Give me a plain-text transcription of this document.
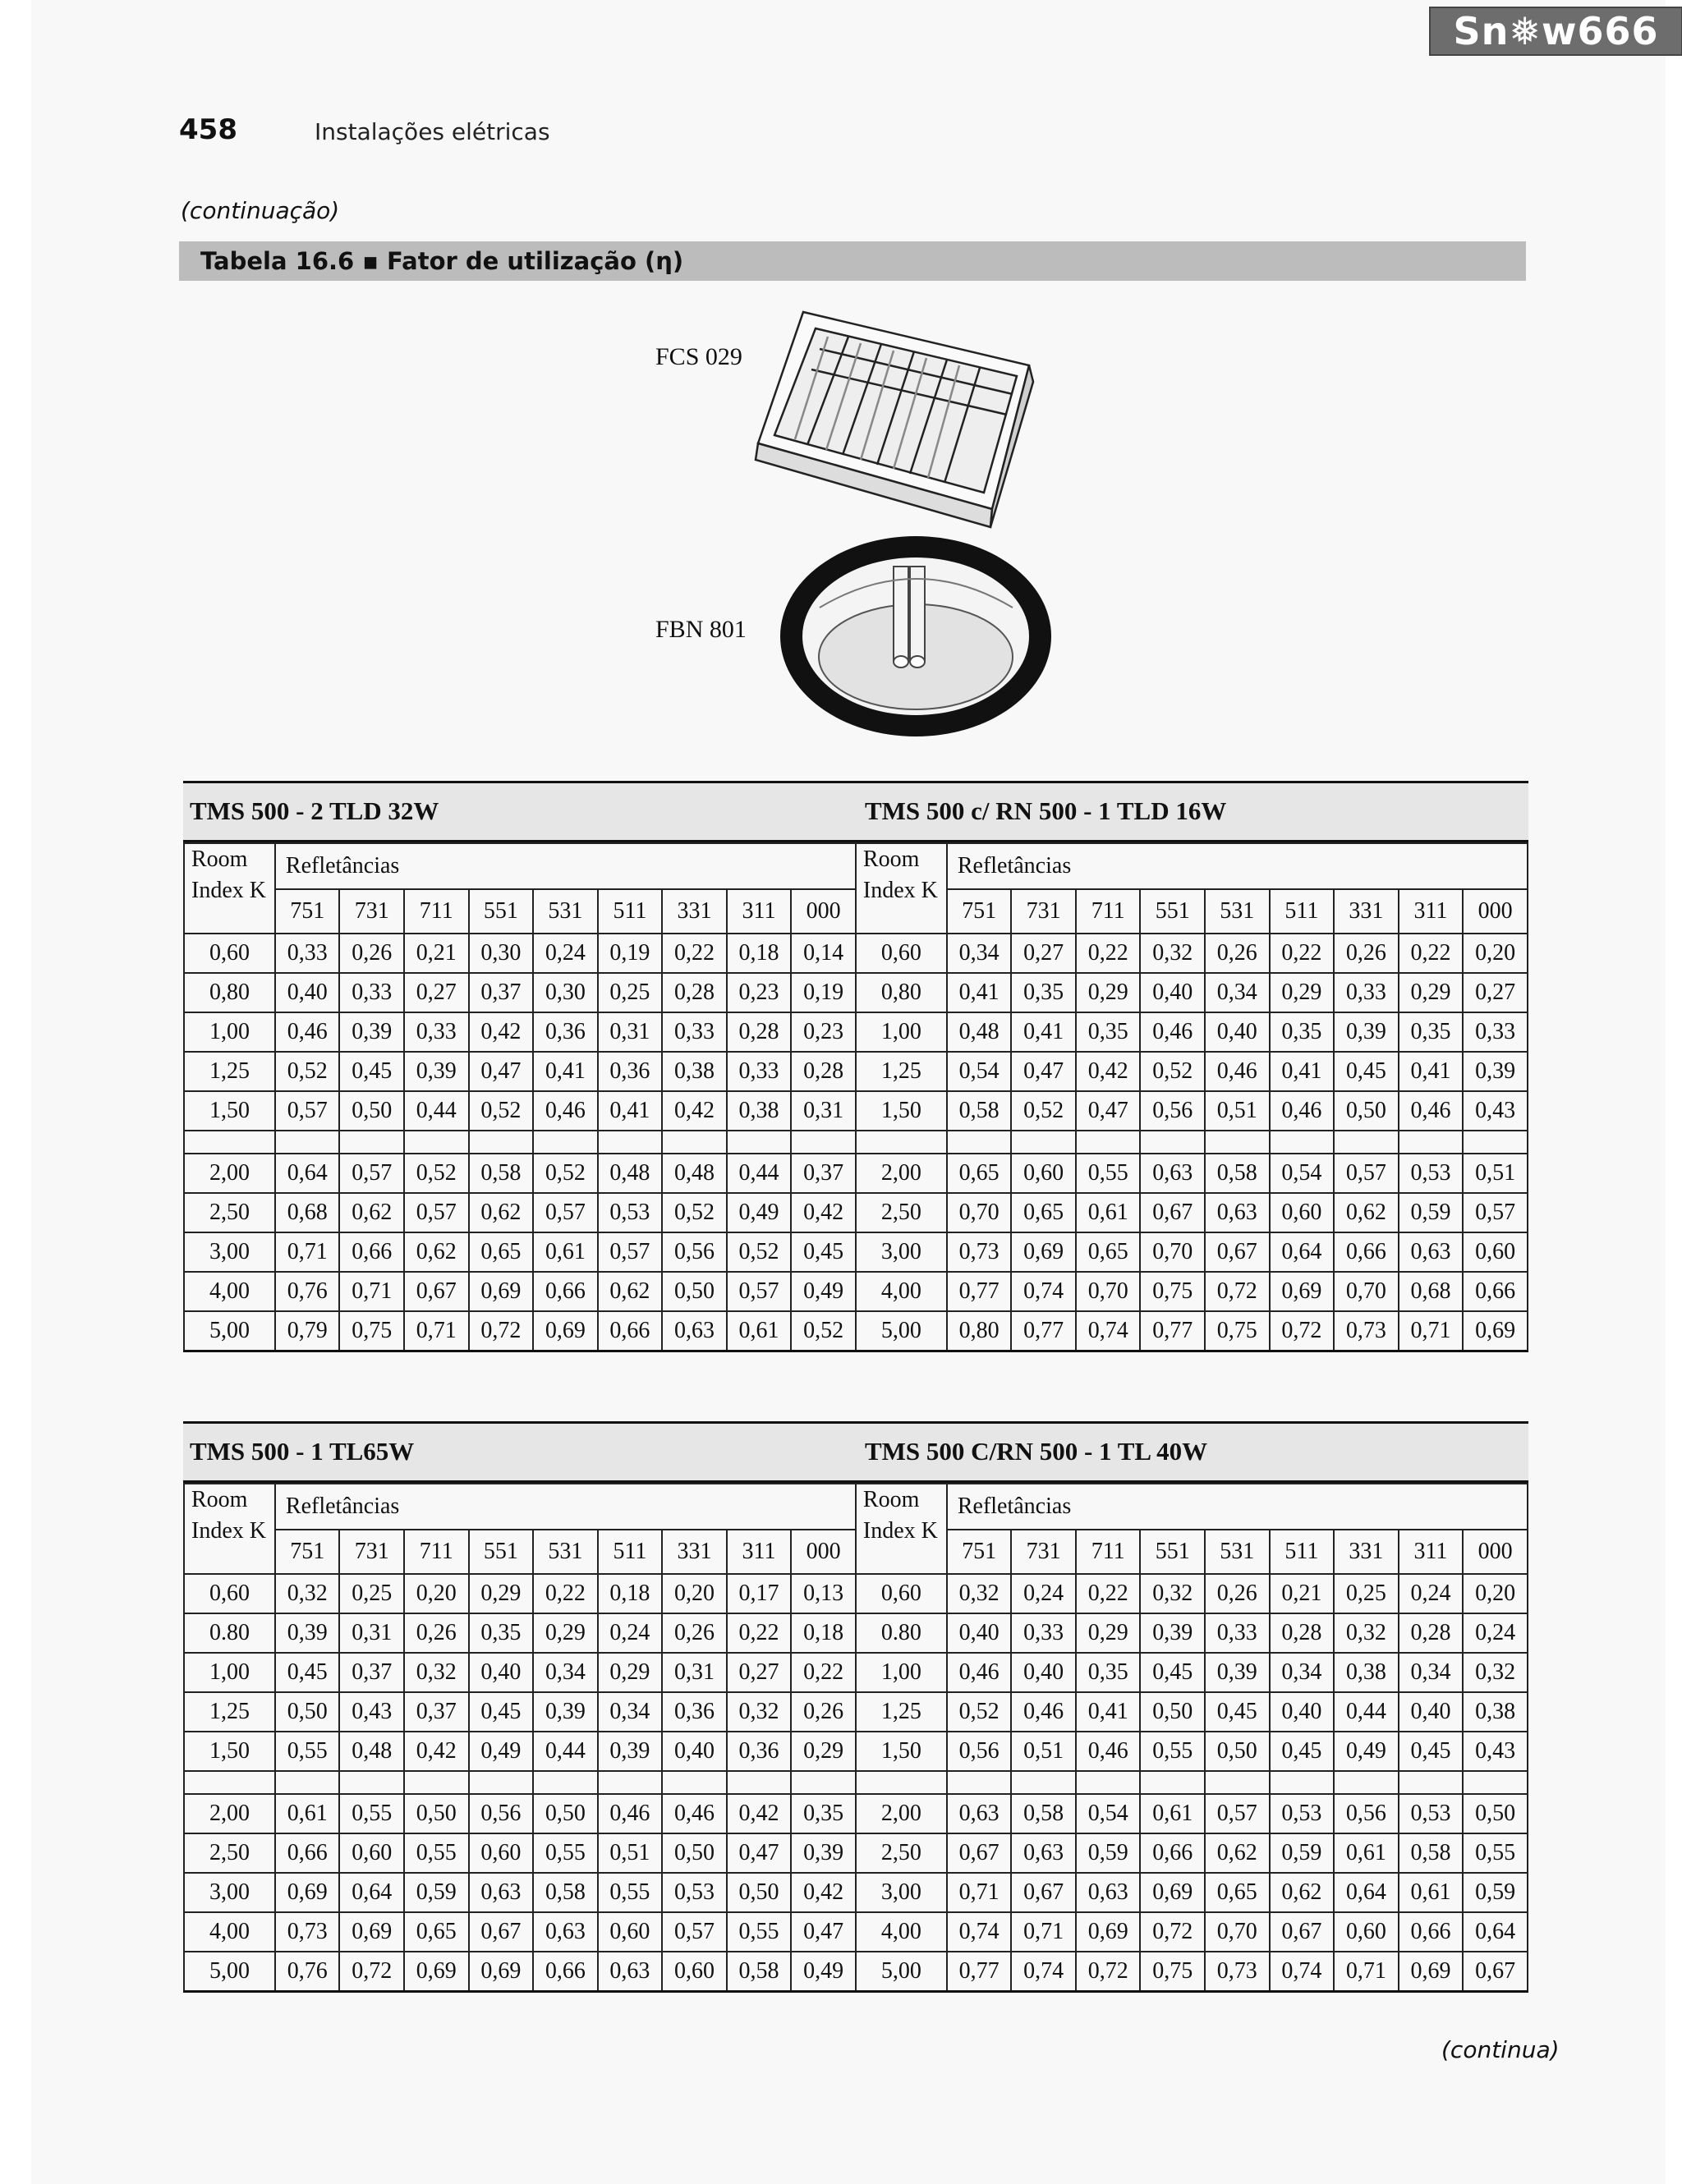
458	Instalações elétricas
(continuação)
Tabela 16.6 ▪ Fator de utilização (η)
FCS 029
FBN 801
TMS 500 - 2 TLD 32W	TMS 500 c/ RN 500 - 1 TLD 16W
Room Index K	Refletâncias									Room Index K	Refletâncias								
	751	731	711	551	531	511	331	311	000		751	731	711	551	531	511	331	311	000
0,60	0,33	0,26	0,21	0,30	0,24	0,19	0,22	0,18	0,14	0,60	0,34	0,27	0,22	0,32	0,26	0,22	0,26	0,22	0,20
0,80	0,40	0,33	0,27	0,37	0,30	0,25	0,28	0,23	0,19	0,80	0,41	0,35	0,29	0,40	0,34	0,29	0,33	0,29	0,27
1,00	0,46	0,39	0,33	0,42	0,36	0,31	0,33	0,28	0,23	1,00	0,48	0,41	0,35	0,46	0,40	0,35	0,39	0,35	0,33
1,25	0,52	0,45	0,39	0,47	0,41	0,36	0,38	0,33	0,28	1,25	0,54	0,47	0,42	0,52	0,46	0,41	0,45	0,41	0,39
1,50	0,57	0,50	0,44	0,52	0,46	0,41	0,42	0,38	0,31	1,50	0,58	0,52	0,47	0,56	0,51	0,46	0,50	0,46	0,43

2,00	0,64	0,57	0,52	0,58	0,52	0,48	0,48	0,44	0,37	2,00	0,65	0,60	0,55	0,63	0,58	0,54	0,57	0,53	0,51
2,50	0,68	0,62	0,57	0,62	0,57	0,53	0,52	0,49	0,42	2,50	0,70	0,65	0,61	0,67	0,63	0,60	0,62	0,59	0,57
3,00	0,71	0,66	0,62	0,65	0,61	0,57	0,56	0,52	0,45	3,00	0,73	0,69	0,65	0,70	0,67	0,64	0,66	0,63	0,60
4,00	0,76	0,71	0,67	0,69	0,66	0,62	0,50	0,57	0,49	4,00	0,77	0,74	0,70	0,75	0,72	0,69	0,70	0,68	0,66
5,00	0,79	0,75	0,71	0,72	0,69	0,66	0,63	0,61	0,52	5,00	0,80	0,77	0,74	0,77	0,75	0,72	0,73	0,71	0,69
TMS 500 - 1 TL65W	TMS 500 C/RN 500 - 1 TL 40W
Room Index K	Refletâncias									Room Index K	Refletâncias								
	751	731	711	551	531	511	331	311	000		751	731	711	551	531	511	331	311	000
0,60	0,32	0,25	0,20	0,29	0,22	0,18	0,20	0,17	0,13	0,60	0,32	0,24	0,22	0,32	0,26	0,21	0,25	0,24	0,20
0.80	0,39	0,31	0,26	0,35	0,29	0,24	0,26	0,22	0,18	0.80	0,40	0,33	0,29	0,39	0,33	0,28	0,32	0,28	0,24
1,00	0,45	0,37	0,32	0,40	0,34	0,29	0,31	0,27	0,22	1,00	0,46	0,40	0,35	0,45	0,39	0,34	0,38	0,34	0,32
1,25	0,50	0,43	0,37	0,45	0,39	0,34	0,36	0,32	0,26	1,25	0,52	0,46	0,41	0,50	0,45	0,40	0,44	0,40	0,38
1,50	0,55	0,48	0,42	0,49	0,44	0,39	0,40	0,36	0,29	1,50	0,56	0,51	0,46	0,55	0,50	0,45	0,49	0,45	0,43

2,00	0,61	0,55	0,50	0,56	0,50	0,46	0,46	0,42	0,35	2,00	0,63	0,58	0,54	0,61	0,57	0,53	0,56	0,53	0,50
2,50	0,66	0,60	0,55	0,60	0,55	0,51	0,50	0,47	0,39	2,50	0,67	0,63	0,59	0,66	0,62	0,59	0,61	0,58	0,55
3,00	0,69	0,64	0,59	0,63	0,58	0,55	0,53	0,50	0,42	3,00	0,71	0,67	0,63	0,69	0,65	0,62	0,64	0,61	0,59
4,00	0,73	0,69	0,65	0,67	0,63	0,60	0,57	0,55	0,47	4,00	0,74	0,71	0,69	0,72	0,70	0,67	0,60	0,66	0,64
5,00	0,76	0,72	0,69	0,69	0,66	0,63	0,60	0,58	0,49	5,00	0,77	0,74	0,72	0,75	0,73	0,74	0,71	0,69	0,67
(continua)
Sn❅w666
